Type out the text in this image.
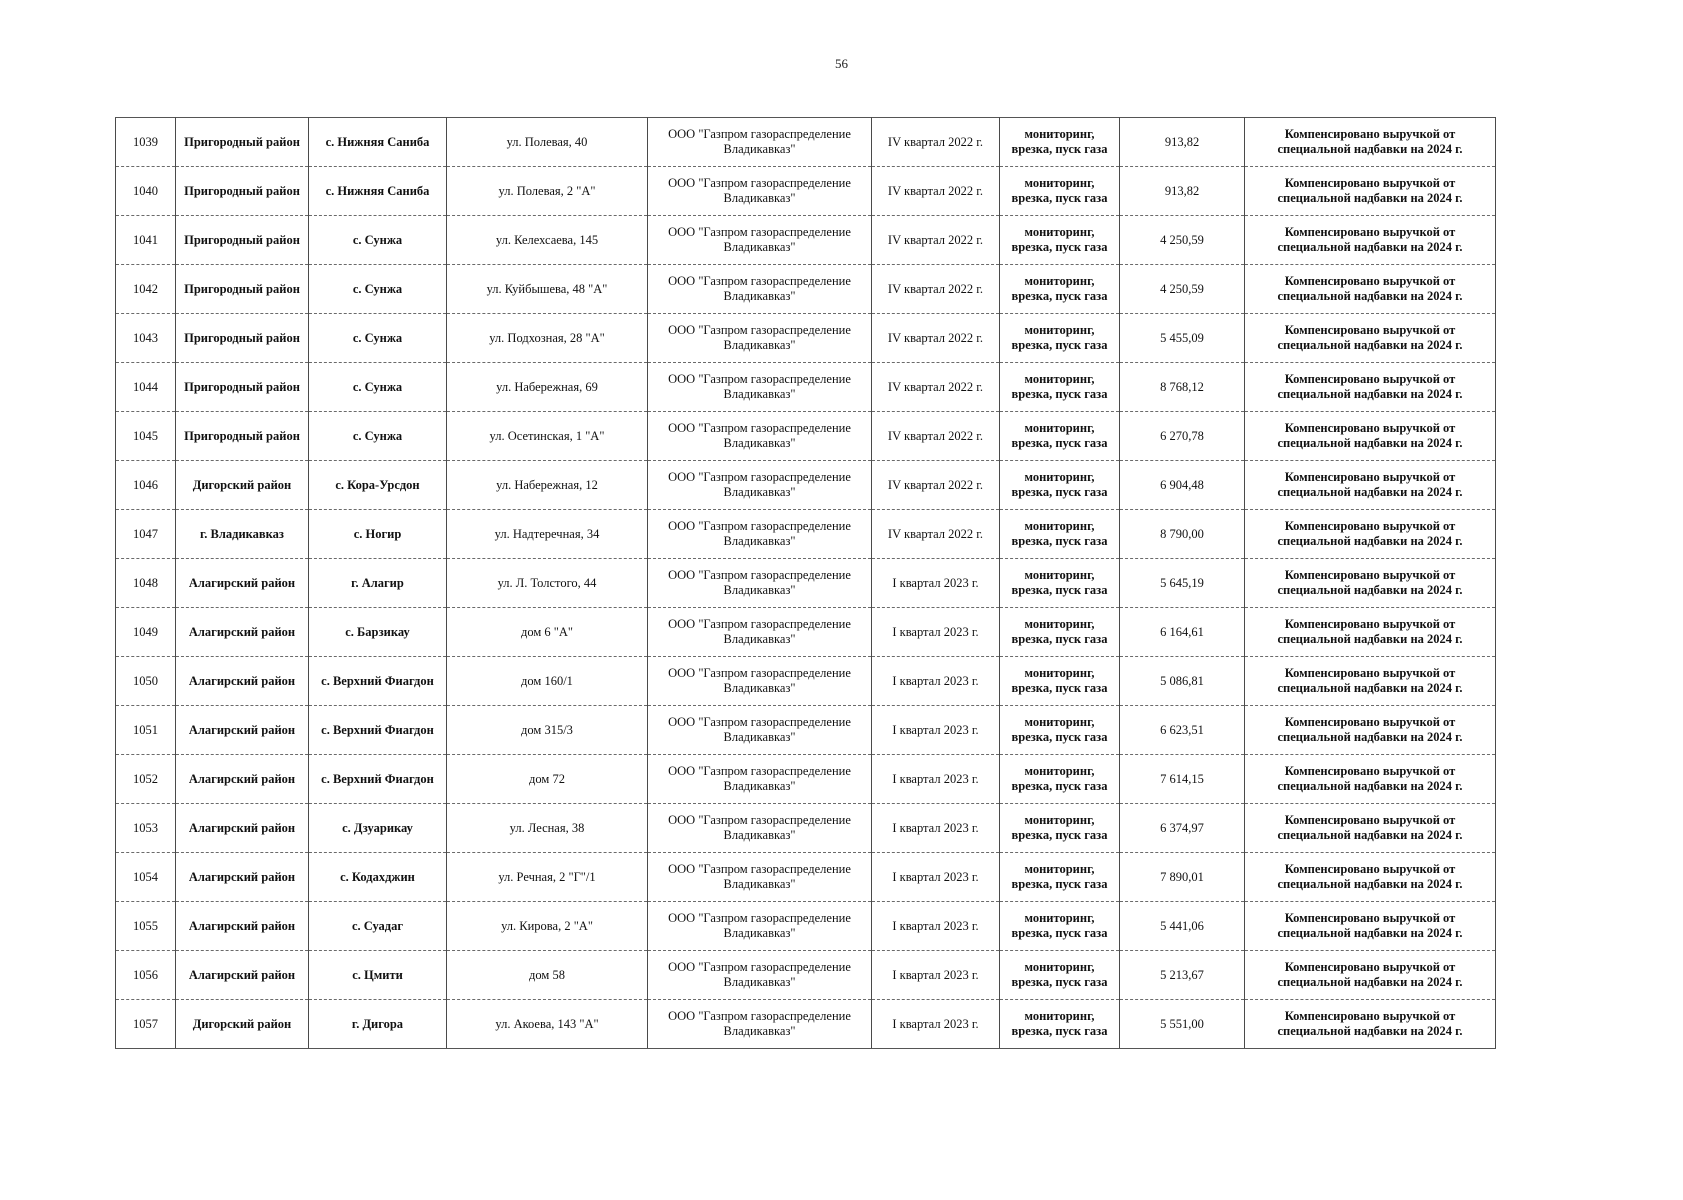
56
1039	Пригородный район	с. Нижняя Саниба	ул. Полевая, 40	ООО "Газпром газораспределение Владикавказ"	IV квартал 2022 г.	мониторинг, врезка, пуск газа	913,82	Компенсировано выручкой от специальной надбавки на 2024 г.
1040	Пригородный район	с. Нижняя Саниба	ул. Полевая, 2 "А"	ООО "Газпром газораспределение Владикавказ"	IV квартал 2022 г.	мониторинг, врезка, пуск газа	913,82	Компенсировано выручкой от специальной надбавки на 2024 г.
1041	Пригородный район	с. Сунжа	ул. Келехсаева, 145	ООО "Газпром газораспределение Владикавказ"	IV квартал 2022 г.	мониторинг, врезка, пуск газа	4 250,59	Компенсировано выручкой от специальной надбавки на 2024 г.
1042	Пригородный район	с. Сунжа	ул. Куйбышева, 48 "А"	ООО "Газпром газораспределение Владикавказ"	IV квартал 2022 г.	мониторинг, врезка, пуск газа	4 250,59	Компенсировано выручкой от специальной надбавки на 2024 г.
1043	Пригородный район	с. Сунжа	ул. Подхозная, 28 "А"	ООО "Газпром газораспределение Владикавказ"	IV квартал 2022 г.	мониторинг, врезка, пуск газа	5 455,09	Компенсировано выручкой от специальной надбавки на 2024 г.
1044	Пригородный район	с. Сунжа	ул. Набережная, 69	ООО "Газпром газораспределение Владикавказ"	IV квартал 2022 г.	мониторинг, врезка, пуск газа	8 768,12	Компенсировано выручкой от специальной надбавки на 2024 г.
1045	Пригородный район	с. Сунжа	ул. Осетинская, 1 "А"	ООО "Газпром газораспределение Владикавказ"	IV квартал 2022 г.	мониторинг, врезка, пуск газа	6 270,78	Компенсировано выручкой от специальной надбавки на 2024 г.
1046	Дигорский район	с. Кора-Урсдон	ул. Набережная, 12	ООО "Газпром газораспределение Владикавказ"	IV квартал 2022 г.	мониторинг, врезка, пуск газа	6 904,48	Компенсировано выручкой от специальной надбавки на 2024 г.
1047	г. Владикавказ	с. Ногир	ул. Надтеречная, 34	ООО "Газпром газораспределение Владикавказ"	IV квартал 2022 г.	мониторинг, врезка, пуск газа	8 790,00	Компенсировано выручкой от специальной надбавки на 2024 г.
1048	Алагирский район	г. Алагир	ул. Л. Толстого, 44	ООО "Газпром газораспределение Владикавказ"	I квартал 2023 г.	мониторинг, врезка, пуск газа	5 645,19	Компенсировано выручкой от специальной надбавки на 2024 г.
1049	Алагирский район	с. Барзикау	дом 6 "А"	ООО "Газпром газораспределение Владикавказ"	I квартал 2023 г.	мониторинг, врезка, пуск газа	6 164,61	Компенсировано выручкой от специальной надбавки на 2024 г.
1050	Алагирский район	с. Верхний Фиагдон	дом 160/1	ООО "Газпром газораспределение Владикавказ"	I квартал 2023 г.	мониторинг, врезка, пуск газа	5 086,81	Компенсировано выручкой от специальной надбавки на 2024 г.
1051	Алагирский район	с. Верхний Фиагдон	дом 315/3	ООО "Газпром газораспределение Владикавказ"	I квартал 2023 г.	мониторинг, врезка, пуск газа	6 623,51	Компенсировано выручкой от специальной надбавки на 2024 г.
1052	Алагирский район	с. Верхний Фиагдон	дом 72	ООО "Газпром газораспределение Владикавказ"	I квартал 2023 г.	мониторинг, врезка, пуск газа	7 614,15	Компенсировано выручкой от специальной надбавки на 2024 г.
1053	Алагирский район	с. Дзуарикау	ул. Лесная, 38	ООО "Газпром газораспределение Владикавказ"	I квартал 2023 г.	мониторинг, врезка, пуск газа	6 374,97	Компенсировано выручкой от специальной надбавки на 2024 г.
1054	Алагирский район	с. Кодахджин	ул. Речная, 2 "Г"/1	ООО "Газпром газораспределение Владикавказ"	I квартал 2023 г.	мониторинг, врезка, пуск газа	7 890,01	Компенсировано выручкой от специальной надбавки на 2024 г.
1055	Алагирский район	с. Суадаг	ул. Кирова, 2 "А"	ООО "Газпром газораспределение Владикавказ"	I квартал 2023 г.	мониторинг, врезка, пуск газа	5 441,06	Компенсировано выручкой от специальной надбавки на 2024 г.
1056	Алагирский район	с. Цмити	дом 58	ООО "Газпром газораспределение Владикавказ"	I квартал 2023 г.	мониторинг, врезка, пуск газа	5 213,67	Компенсировано выручкой от специальной надбавки на 2024 г.
1057	Дигорский район	г. Дигора	ул. Акоева, 143 "А"	ООО "Газпром газораспределение Владикавказ"	I квартал 2023 г.	мониторинг, врезка, пуск газа	5 551,00	Компенсировано выручкой от специальной надбавки на 2024 г.
